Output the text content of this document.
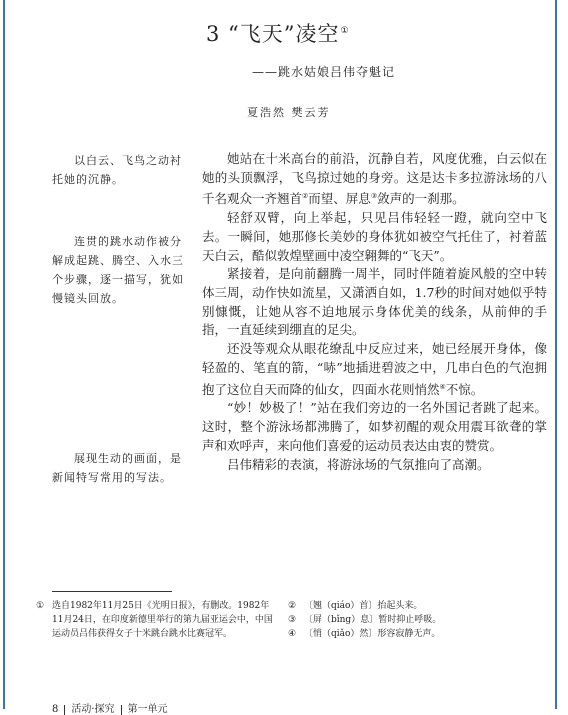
3 “飞天”凌空①
——跳水姑娘吕伟夺魁记
夏浩然 樊云芳

以白云、飞鸟之动衬托她的沉静。

连贯的跳水动作被分解成起跳、腾空、入水三个步骤，逐一描写，犹如慢镜头回放。

展现生动的画面，是新闻特写常用的写法。

她站在十米高台的前沿，沉静自若，风度优雅，白云似在她的头顶飘浮，飞鸟掠过她的身旁。这是达卡多拉游泳场的八千名观众一齐翘首②而望、屏息③敛声的一刹那。

轻舒双臂，向上举起，只见吕伟轻轻一蹬，就向空中飞去。一瞬间，她那修长美妙的身体犹如被空气托住了，衬着蓝天白云，酷似敦煌壁画中凌空翱舞的“飞天”。

紧接着，是向前翻腾一周半，同时伴随着旋风般的空中转体三周，动作快如流星，又潇洒自如，1.7秒的时间对她似乎特别慷慨，让她从容不迫地展示身体优美的线条，从前伸的手指，一直延续到绷直的足尖。

还没等观众从眼花缭乱中反应过来，她已经展开身体，像轻盈的、笔直的箭，“哧”地插进碧波之中，几串白色的气泡拥抱了这位自天而降的仙女，四面水花则悄然④不惊。

“妙！妙极了！”站在我们旁边的一名外国记者跳了起来。这时，整个游泳场都沸腾了，如梦初醒的观众用震耳欲聋的掌声和欢呼声，来向他们喜爱的运动员表达由衷的赞赏。

吕伟精彩的表演，将游泳场的气氛推向了高潮。

① 选自1982年11月25日《光明日报》，有删改。1982年11月24日，在印度新德里举行的第九届亚运会中，中国运动员吕伟获得女子十米跳台跳水比赛冠军。
② 〔翘（qiáo）首〕抬起头来。
③ 〔屏（bǐng）息〕暂时抑止呼吸。
④ 〔悄（qiǎo）然〕形容寂静无声。
8 活动·探究 第一单元
